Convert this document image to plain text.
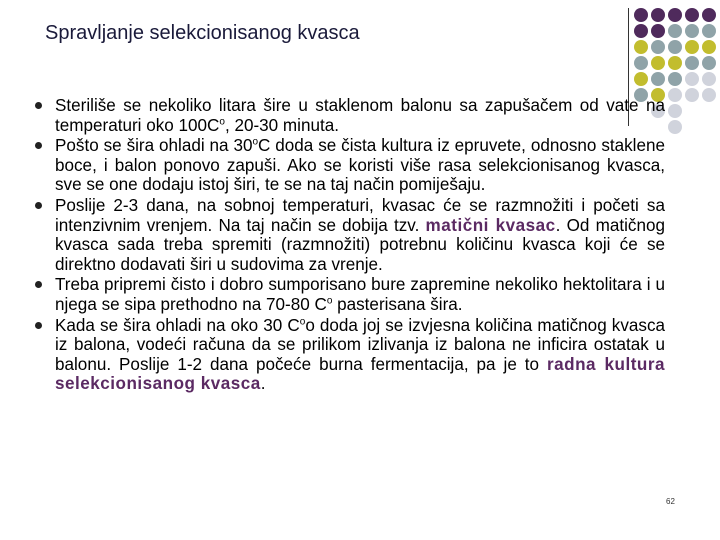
Spravljanje selekcionisanog kvasca
Steriliše se nekoliko litara šire u staklenom balonu sa zapušačem od vate na temperaturi oko $100C^o$, 20-30 minuta.
Pošto se šira ohladi na 30$^o$C doda se čista kultura iz epruvete, odnosno staklene boce, i balon ponovo zapuši. Ako se koristi više rasa selekcionisanog kvasca, sve se one dodaju istoj širi, te se na taj način pomiješaju.
Poslije 2-3 dana, na sobnoj temperaturi, kvasac će se razmnožiti i početi sa intenzivnim vrenjem. Na taj način se dobija tzv. matični kvasac. Od matičnog kvasca sada treba spremiti (razmnožiti) potrebnu količinu kvasca koji će se direktno dodavati širi u sudovima za vrenje.
Treba pripremi čisto i dobro sumporisano bure zapremine nekoliko hektolitara i u njega se sipa prethodno na 70-80 $C^o$ pasterisana šira.
Kada se šira ohladi na oko 30 $C^oo$ doda joj se izvjesna količina matičnog kvasca iz balona, vodeći računa da se prilikom izlivanja iz balona ne inficira ostatak u balonu. Poslije 1-2 dana počeće burna fermentacija, pa je to radna kultura selekcionisanog kvasca.
62
